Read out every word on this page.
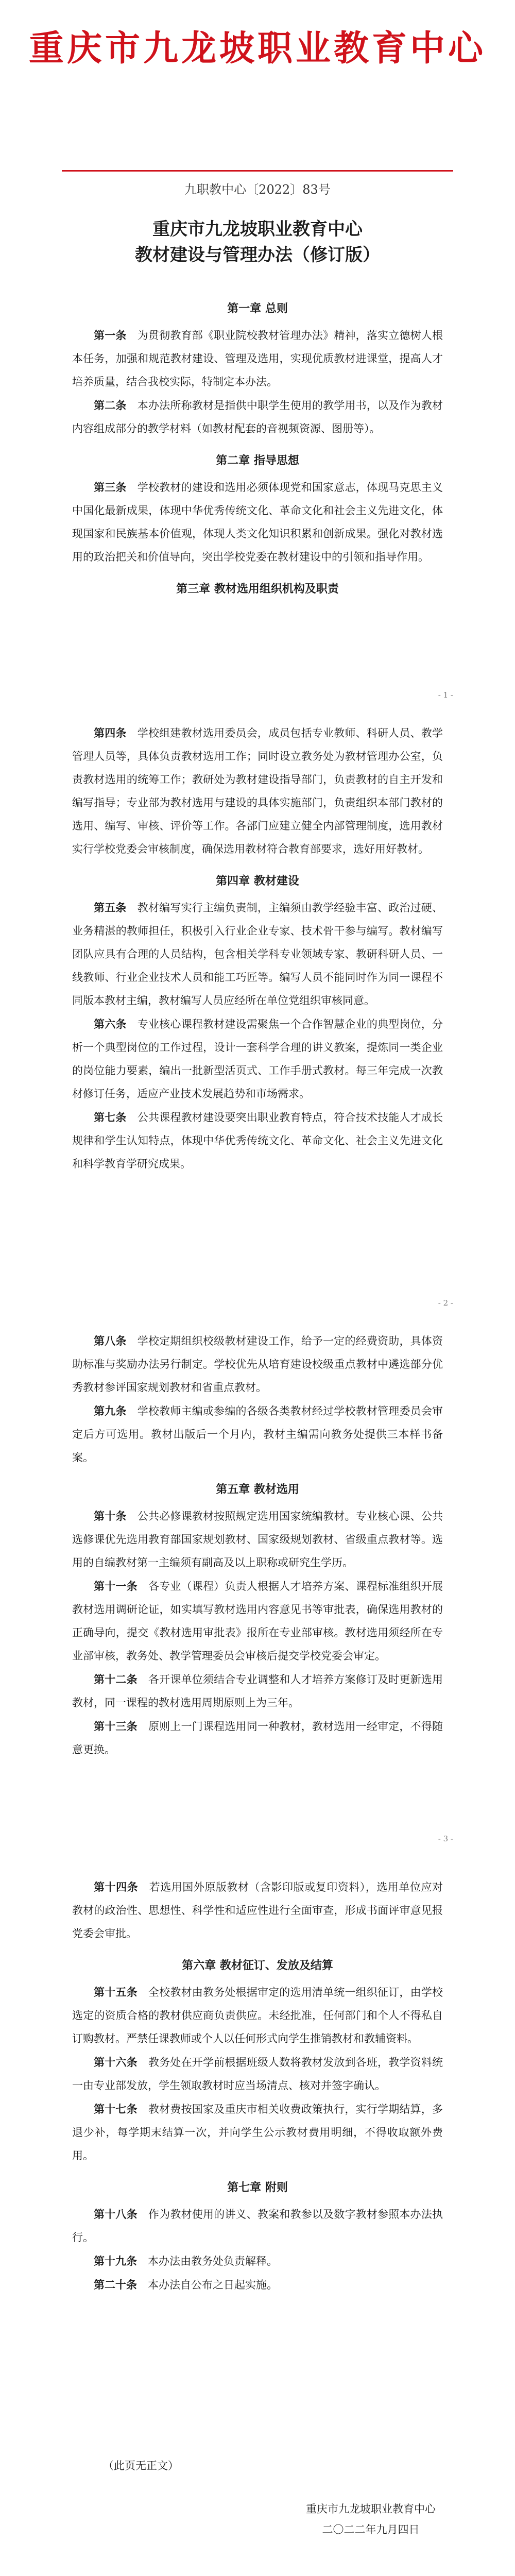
重庆市九龙坡职业教育中心
九职教中心〔2022〕83号
重庆市九龙坡职业教育中心
教材建设与管理办法（修订版）
第一章 总则

第一条　 为贯彻教育部《职业院校教材管理办法》精神，落实立德树人根本任务，加强和规范教材建设、管理及选用，实现优质教材进课堂，提高人才培养质量，结合我校实际，特制定本办法。

第二条　 本办法所称教材是指供中职学生使用的教学用书，以及作为教材内容组成部分的教学材料（如教材配套的音视频资源、图册等）。

第二章 指导思想

第三条　 学校教材的建设和选用必须体现党和国家意志，体现马克思主义中国化最新成果，体现中华优秀传统文化、革命文化和社会主义先进文化，体现国家和民族基本价值观，体现人类文化知识积累和创新成果。强化对教材选用的政治把关和价值导向，突出学校党委在教材建设中的引领和指导作用。

第三章 教材选用组织机构及职责
- 1 -

第四条　 学校组建教材选用委员会，成员包括专业教师、科研人员、教学管理人员等，具体负责教材选用工作；同时设立教务处为教材管理办公室，负责教材选用的统筹工作；教研处为教材建设指导部门，负责教材的自主开发和编写指导；专业部为教材选用与建设的具体实施部门，负责组织本部门教材的选用、编写、审核、评价等工作。各部门应建立健全内部管理制度，选用教材实行学校党委会审核制度，确保选用教材符合教育部要求，选好用好教材。

第四章 教材建设

第五条　 教材编写实行主编负责制，主编须由教学经验丰富、政治过硬、业务精湛的教师担任，积极引入行业企业专家、技术骨干参与编写。教材编写团队应具有合理的人员结构，包含相关学科专业领域专家、教研科研人员、一线教师、行业企业技术人员和能工巧匠等。编写人员不能同时作为同一课程不同版本教材主编，教材编写人员应经所在单位党组织审核同意。

第六条　 专业核心课程教材建设需聚焦一个合作智慧企业的典型岗位，分析一个典型岗位的工作过程，设计一套科学合理的讲义教案，提炼同一类企业的岗位能力要素，编出一批新型活页式、工作手册式教材。每三年完成一次教材修订任务，适应产业技术发展趋势和市场需求。

第七条　 公共课程教材建设要突出职业教育特点，符合技术技能人才成长规律和学生认知特点，体现中华优秀传统文化、革命文化、社会主义先进文化和科学教育学研究成果。

- 2 -

第八条　 学校定期组织校级教材建设工作，给予一定的经费资助，具体资助标准与奖励办法另行制定。学校优先从培育建设校级重点教材中遴选部分优秀教材参评国家规划教材和省重点教材。

第九条　 学校教师主编或参编的各级各类教材经过学校教材管理委员会审定后方可选用。教材出版后一个月内，教材主编需向教务处提供三本样书备案。

第五章 教材选用

第十条　 公共必修课教材按照规定选用国家统编教材。专业核心课、公共选修课优先选用教育部国家规划教材、国家级规划教材、省级重点教材等。选用的自编教材第一主编须有副高及以上职称或研究生学历。

第十一条　 各专业（课程）负责人根据人才培养方案、课程标准组织开展教材选用调研论证，如实填写教材选用内容意见书等审批表，确保选用教材的正确导向，提交《教材选用审批表》报所在专业部审核。教材选用须经所在专业部审核，教务处、教学管理委员会审核后提交学校党委会审定。

第十二条　 各开课单位须结合专业调整和人才培养方案修订及时更新选用教材，同一课程的教材选用周期原则上为三年。

第十三条　 原则上一门课程选用同一种教材，教材选用一经审定，不得随意更换。

- 3 -

第十四条　 若选用国外原版教材（含影印版或复印资料），选用单位应对教材的政治性、思想性、科学性和适应性进行全面审查，形成书面评审意见报党委会审批。

第六章 教材征订、发放及结算

第十五条　 全校教材由教务处根据审定的选用清单统一组织征订，由学校选定的资质合格的教材供应商负责供应。未经批准，任何部门和个人不得私自订购教材。严禁任课教师或个人以任何形式向学生推销教材和教辅资料。

第十六条　 教务处在开学前根据班级人数将教材发放到各班，教学资料统一由专业部发放，学生领取教材时应当场清点、核对并签字确认。

第十七条　 教材费按国家及重庆市相关收费政策执行，实行学期结算，多退少补，每学期末结算一次，并向学生公示教材费用明细，不得收取额外费用。

第七章 附则

第十八条　 作为教材使用的讲义、教案和教参以及数字教材参照本办法执行。

第十九条　 本办法由教务处负责解释。

第二十条　 本办法自公布之日起实施。

（此页无正文）
重庆市九龙坡职业教育中心
二〇二二年九月四日
